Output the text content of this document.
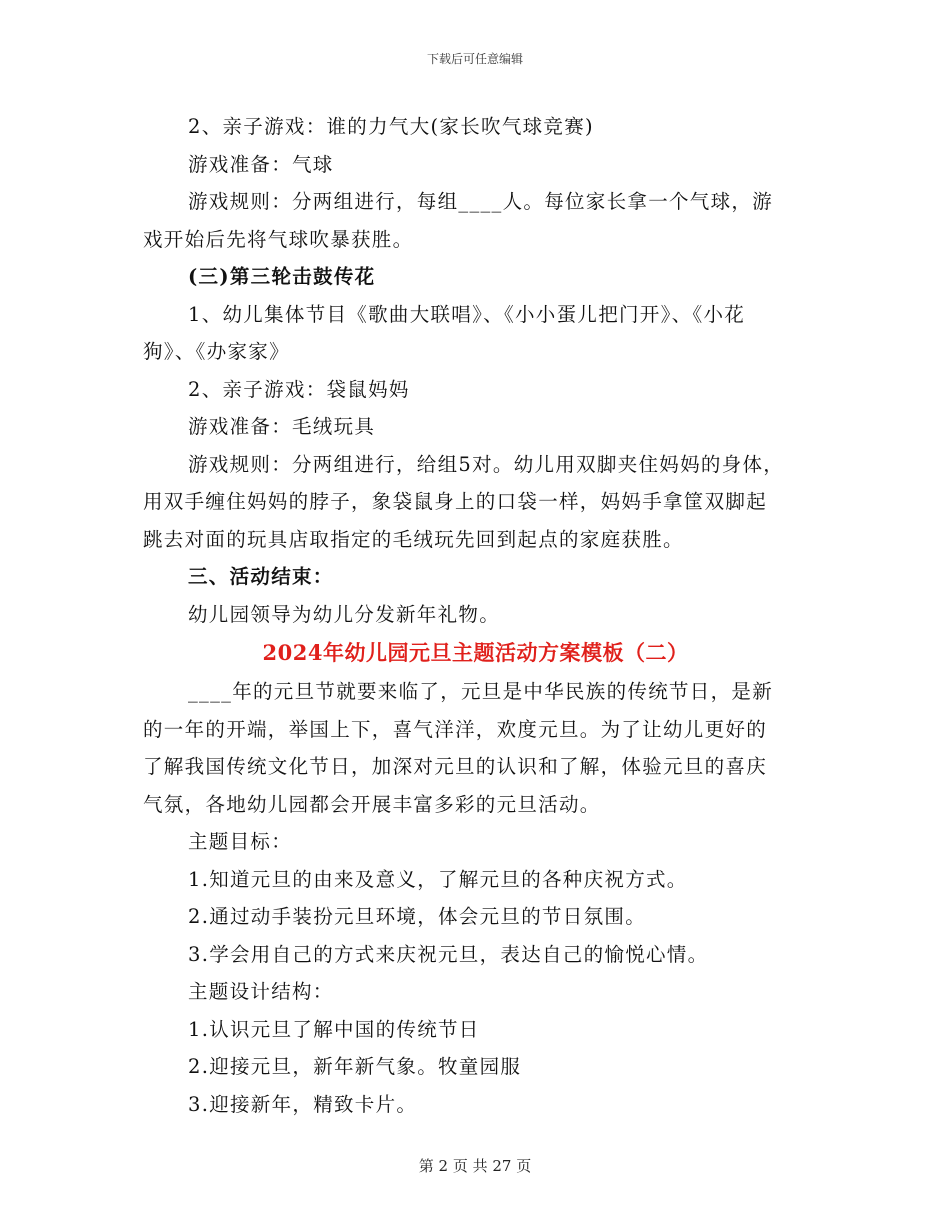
下载后可任意编辑

2、亲子游戏：谁的力气大(家长吹气球竞赛)

游戏准备：气球

游戏规则：分两组进行，每组____人。每位家长拿一个气球，游

戏开始后先将气球吹暴获胜。

(三)第三轮击鼓传花

1、幼儿集体节目《歌曲大联唱》、《小小蛋儿把门开》、《小花

狗》、《办家家》

2、亲子游戏：袋鼠妈妈

游戏准备：毛绒玩具

游戏规则：分两组进行，给组5对。幼儿用双脚夹住妈妈的身体，

用双手缠住妈妈的脖子，象袋鼠身上的口袋一样，妈妈手拿筐双脚起

跳去对面的玩具店取指定的毛绒玩先回到起点的家庭获胜。

三、活动结束：

幼儿园领导为幼儿分发新年礼物。

2024年幼儿园元旦主题活动方案模板（二）

____年的元旦节就要来临了，元旦是中华民族的传统节日，是新

的一年的开端，举国上下，喜气洋洋，欢度元旦。为了让幼儿更好的

了解我国传统文化节日，加深对元旦的认识和了解，体验元旦的喜庆

气氛，各地幼儿园都会开展丰富多彩的元旦活动。

主题目标：

1.知道元旦的由来及意义，了解元旦的各种庆祝方式。

2.通过动手装扮元旦环境，体会元旦的节日氛围。

3.学会用自己的方式来庆祝元旦，表达自己的愉悦心情。

主题设计结构：

1.认识元旦了解中国的传统节日

2.迎接元旦，新年新气象。牧童园服

3.迎接新年，精致卡片。

第 2 页 共 27 页
